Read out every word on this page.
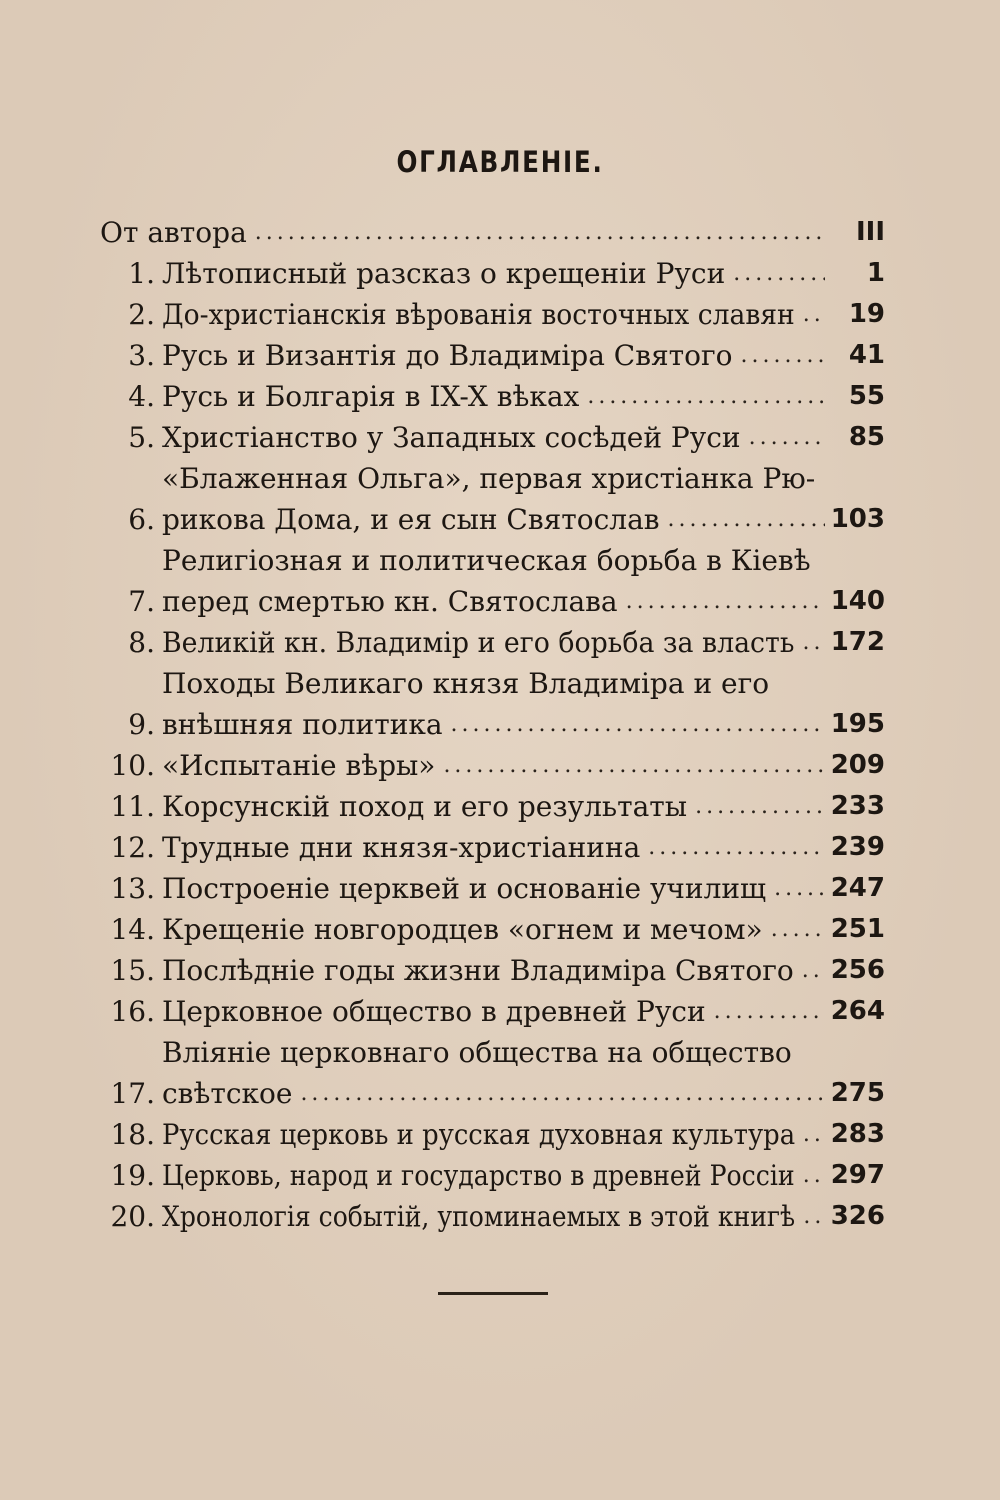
ОГЛАВЛЕНІЕ.
От автора .....	III
1. Лѣтописный разсказ о крещеніи Руси .....	1
2. До-христіанскія вѣрованія восточных славян .....	19
3. Русь и Византія до Владиміра Святого .....	41
4. Русь и Болгарія в IX-X вѣках .....	55
5. Христіанство у Западных сосѣдей Руси .....	85
6.
«Блаженная Ольга», первая христіанка Рю-
рикова Дома, и ея сын Святослав .....	103
7.
Религіозная и политическая борьба в Кіевѣ
перед смертью кн. Святослава .....	140
8. Великій кн. Владимір и его борьба за власть ..... 172
9.
Походы Великаго князя Владиміра и его
внѣшняя политика .....	195
10. «Испытаніе вѣры» .....	209
11. Корсунскій поход и его результаты .....	233
12. Трудные дни князя-христіанина .....	239
13. Построеніе церквей и основаніе училищ ..... 247
14. Крещеніе новгородцев «огнем и мечом» .....	251
15. Послѣдніе годы жизни Владиміра Святого ..... 256
16. Церковное общество в древней Руси .....	264
17.
Вліяніе церковнаго общества на общество
свѣтское .....	275
18. Русская церковь и русская духовная культура ..... 283
19. Церковь, народ и государство в древней Россіи ..... 297
20. Хронологія событій, упоминаемых в этой книгѣ ..... 326
